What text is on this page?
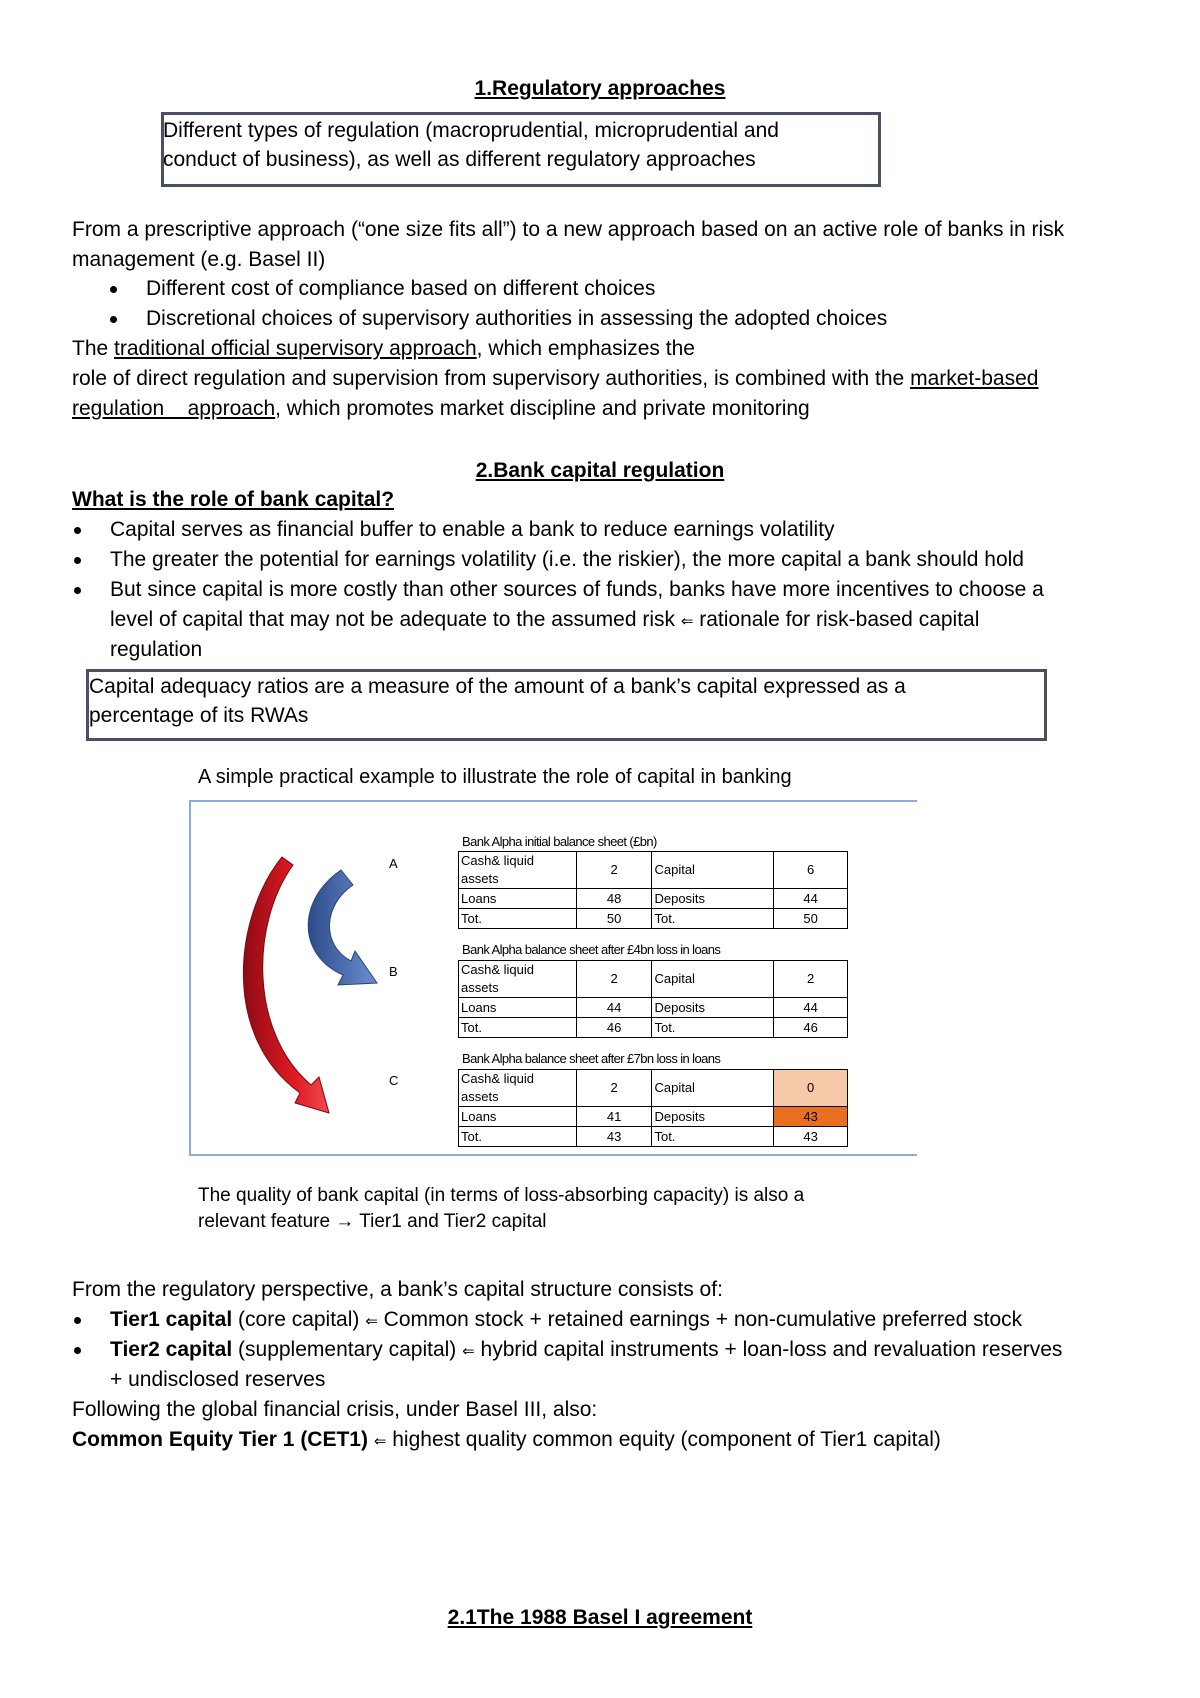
1.Regulatory approaches
Different types of regulation (macroprudential, microprudential and
conduct of business), as well as different regulatory approaches
From a prescriptive approach (“one size fits all”) to a new approach based on an active role of banks in risk
management (e.g. Basel II)
Different cost of compliance based on different choices
Discretional choices of supervisory authorities in assessing the adopted choices
The traditional official supervisory approach, which emphasizes the
role of direct regulation and supervision from supervisory authorities, is combined with the market-based
regulation    approach, which promotes market discipline and private monitoring
2.Bank capital regulation
What is the role of bank capital?
Capital serves as financial buffer to enable a bank to reduce earnings volatility
The greater the potential for earnings volatility (i.e. the riskier), the more capital a bank should hold
But since capital is more costly than other sources of funds, banks have more incentives to choose a
level of capital that may not be adequate to the assumed risk ⇐ rationale for risk-based capital
regulation
Capital adequacy ratios are a measure of the amount of a bank’s capital expressed as a
percentage of its RWAs
A simple practical example to illustrate the role of capital in banking
A
B
C
Bank Alpha initial balance sheet (£bn)
Cash& liquid assets	2	Capital	6
Loans	48	Deposits	44
Tot.	50	Tot.	50
Bank Alpha balance sheet after £4bn loss in loans
Cash& liquid assets	2	Capital	2
Loans	44	Deposits	44
Tot.	46	Tot.	46
Bank Alpha balance sheet after £7bn loss in loans
Cash& liquid assets	2	Capital	0
Loans	41	Deposits	43
Tot.	43	Tot.	43
The quality of bank capital (in terms of loss-absorbing capacity) is also a
relevant feature → Tier1 and Tier2 capital
From the regulatory perspective, a bank’s capital structure consists of:
Tier1 capital (core capital) ⇐ Common stock + retained earnings + non-cumulative preferred stock
Tier2 capital (supplementary capital) ⇐ hybrid capital instruments + loan-loss and revaluation reserves
+ undisclosed reserves
Following the global financial crisis, under Basel III, also:
Common Equity Tier 1 (CET1) ⇐ highest quality common equity (component of Tier1 capital)
2.1The 1988 Basel I agreement
